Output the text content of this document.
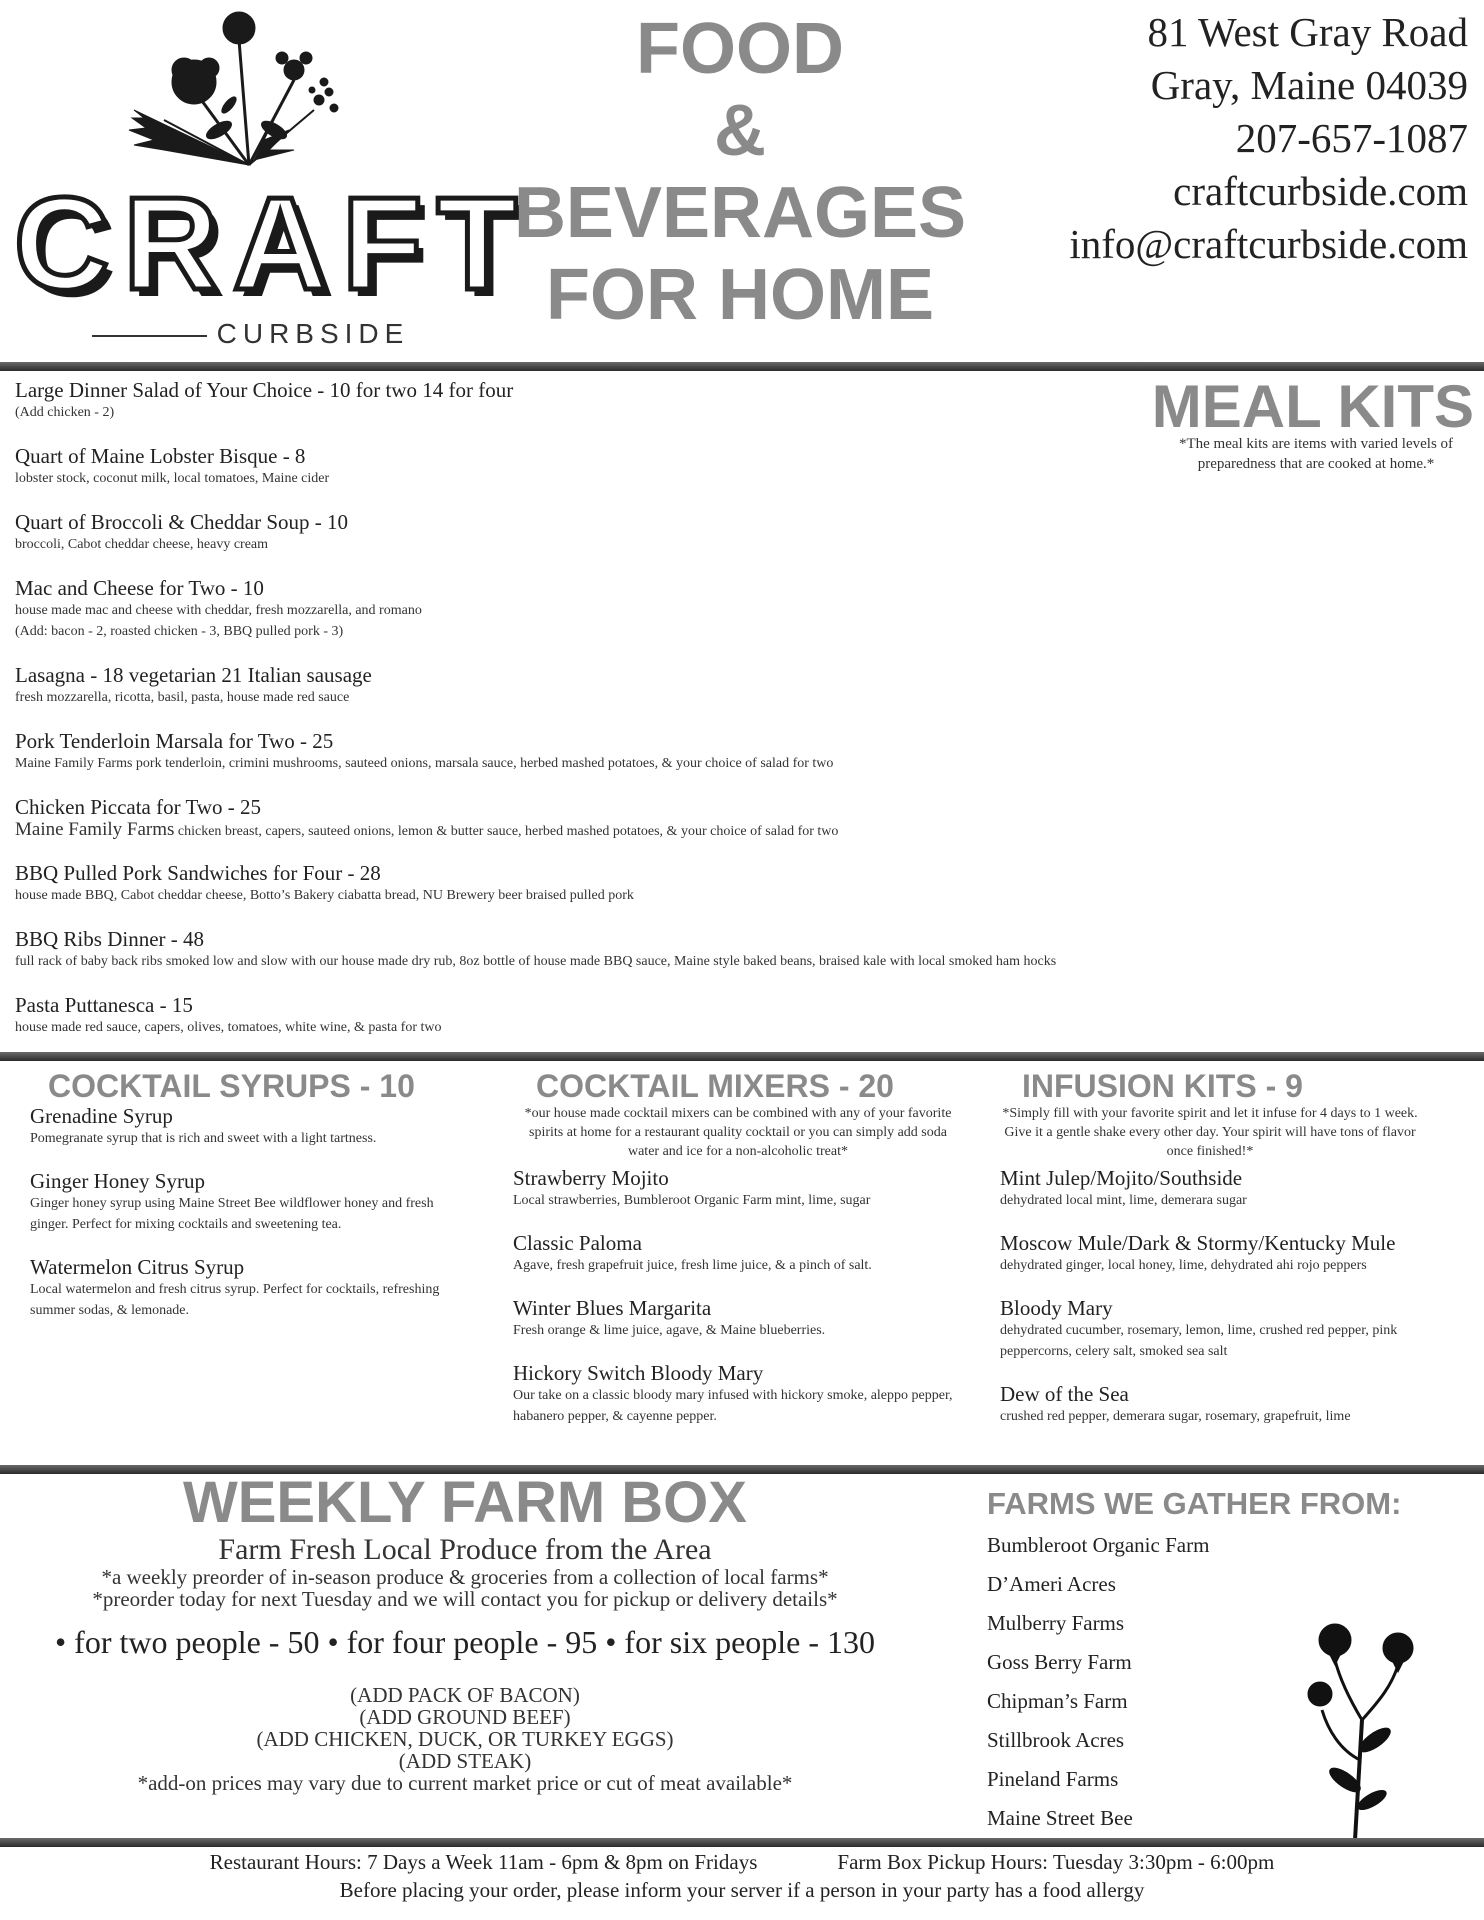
CRAFT
CURBSIDE
FOOD
&
BEVERAGES
FOR HOME
81 West Gray Road
Gray, Maine 04039
207-657-1087
craftcurbside.com
info@craftcurbside.com
MEAL KITS
*The meal kits are items with varied levels of preparedness that are cooked at home.*
Large Dinner Salad of Your Choice - 10 for two 14 for four
(Add chicken - 2)
Quart of Maine Lobster Bisque - 8
lobster stock, coconut milk, local tomatoes, Maine cider
Quart of Broccoli & Cheddar Soup - 10
broccoli, Cabot cheddar cheese, heavy cream
Mac and Cheese for Two - 10
house made mac and cheese with cheddar, fresh mozzarella, and romano
(Add: bacon - 2, roasted chicken - 3, BBQ pulled pork - 3)
Lasagna - 18 vegetarian 21 Italian sausage
fresh mozzarella, ricotta, basil, pasta, house made red sauce
Pork Tenderloin Marsala for Two - 25
Maine Family Farms pork tenderloin, crimini mushrooms, sauteed onions, marsala sauce, herbed mashed potatoes, & your choice of salad for two
Chicken Piccata for Two - 25
Maine Family Farms chicken breast, capers, sauteed onions, lemon & butter sauce, herbed mashed potatoes, & your choice of salad for two
BBQ Pulled Pork Sandwiches for Four - 28
house made BBQ, Cabot cheddar cheese, Botto’s Bakery ciabatta bread, NU Brewery beer braised pulled pork
BBQ Ribs Dinner - 48
full rack of baby back ribs smoked low and slow with our house made dry rub, 8oz bottle of house made BBQ sauce, Maine style baked beans, braised kale with local smoked ham hocks
Pasta Puttanesca - 15
house made red sauce, capers, olives, tomatoes, white wine, & pasta for two
COCKTAIL SYRUPS - 10
Grenadine Syrup
Pomegranate syrup that is rich and sweet with a light tartness.
Ginger Honey Syrup
Ginger honey syrup using Maine Street Bee wildflower honey and fresh ginger. Perfect for mixing cocktails and sweetening tea.
Watermelon Citrus Syrup
Local watermelon and fresh citrus syrup. Perfect for cocktails, refreshing summer sodas, & lemonade.
COCKTAIL MIXERS - 20
*our house made cocktail mixers can be combined with any of your favorite spirits at home for a restaurant quality cocktail or you can simply add soda water and ice for a non-alcoholic treat*
Strawberry Mojito
Local strawberries, Bumbleroot Organic Farm mint, lime, sugar
Classic Paloma
Agave, fresh grapefruit juice, fresh lime juice, & a pinch of salt.
Winter Blues Margarita
Fresh orange & lime juice, agave, & Maine blueberries.
Hickory Switch Bloody Mary
Our take on a classic bloody mary infused with hickory smoke, aleppo pepper, habanero pepper, & cayenne pepper.
INFUSION KITS - 9
*Simply fill with your favorite spirit and let it infuse for 4 days to 1 week. Give it a gentle shake every other day. Your spirit will have tons of flavor once finished!*
Mint Julep/Mojito/Southside
dehydrated local mint, lime, demerara sugar
Moscow Mule/Dark & Stormy/Kentucky Mule
dehydrated ginger, local honey, lime, dehydrated ahi rojo peppers
Bloody Mary
dehydrated cucumber, rosemary, lemon, lime, crushed red pepper, pink peppercorns, celery salt, smoked sea salt
Dew of the Sea
crushed red pepper, demerara sugar, rosemary, grapefruit, lime
WEEKLY FARM BOX
Farm Fresh Local Produce from the Area
*a weekly preorder of in-season produce & groceries from a collection of local farms*
*preorder today for next Tuesday and we will contact you for pickup or delivery details*
• for two people - 50 • for four people - 95 • for six people - 130
(ADD PACK OF BACON)
(ADD GROUND BEEF)
(ADD CHICKEN, DUCK, OR TURKEY EGGS)
(ADD STEAK)
*add-on prices may vary due to current market price or cut of meat available*
FARMS WE GATHER FROM:
Bumbleroot Organic Farm
D’Ameri Acres
Mulberry Farms
Goss Berry Farm
Chipman’s Farm
Stillbrook Acres
Pineland Farms
Maine Street Bee
Restaurant Hours: 7 Days a Week 11am - 6pm & 8pm on Fridays	Farm Box Pickup Hours: Tuesday 3:30pm - 6:00pm
Before placing your order, please inform your server if a person in your party has a food allergy
